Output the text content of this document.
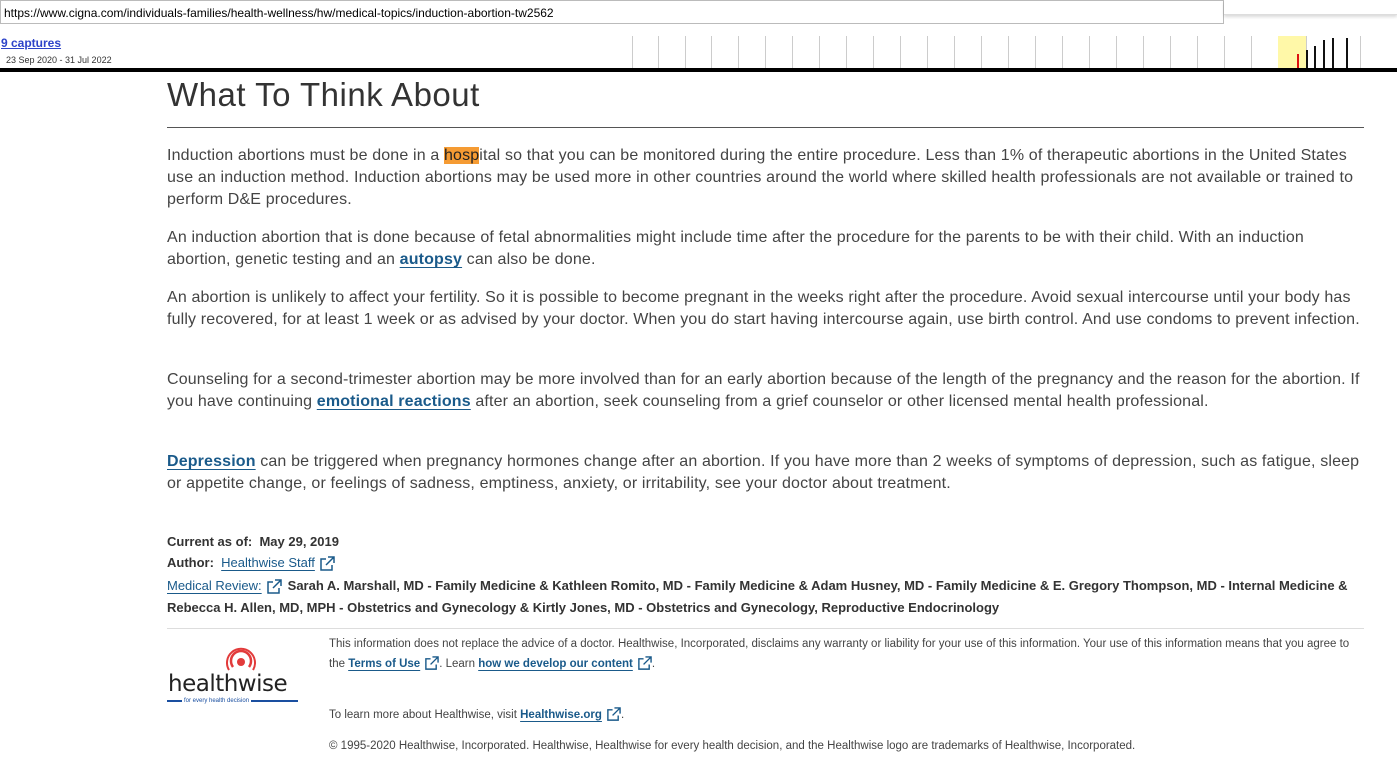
https://www.cigna.com/individuals-families/health-wellness/hw/medical-topics/induction-abortion-tw2562
9 captures
23 Sep 2020 - 31 Jul 2022
What To Think About

Induction abortions must be done in a hospital so that you can be monitored during the entire procedure. Less than 1% of therapeutic abortions in the United States use an induction method. Induction abortions may be used more in other countries around the world where skilled health professionals are not available or trained to perform D&E procedures.

An induction abortion that is done because of fetal abnormalities might include time after the procedure for the parents to be with their child. With an induction abortion, genetic testing and an autopsy can also be done.

An abortion is unlikely to affect your fertility. So it is possible to become pregnant in the weeks right after the procedure. Avoid sexual intercourse until your body has fully recovered, for at least 1 week or as advised by your doctor. When you do start having intercourse again, use birth control. And use condoms to prevent infection.

Counseling for a second-trimester abortion may be more involved than for an early abortion because of the length of the pregnancy and the reason for the abortion. If you have continuing emotional reactions after an abortion, seek counseling from a grief counselor or other licensed mental health professional.

Depression can be triggered when pregnancy hormones change after an abortion. If you have more than 2 weeks of symptoms of depression, such as fatigue, sleep or appetite change, or feelings of sadness, emptiness, anxiety, or irritability, see your doctor about treatment.

Current as of: May 29, 2019
Author: Healthwise Staff
Medical Review: Sarah A. Marshall, MD - Family Medicine & Kathleen Romito, MD - Family Medicine & Adam Husney, MD - Family Medicine & E. Gregory Thompson, MD - Internal Medicine & Rebecca H. Allen, MD, MPH - Obstetrics and Gynecology & Kirtly Jones, MD - Obstetrics and Gynecology, Reproductive Endocrinology
healthwise
for every health decision
This information does not replace the advice of a doctor. Healthwise, Incorporated, disclaims any warranty or liability for your use of this information. Your use of this information means that you agree to the Terms of Use . Learn how we develop our content .
To learn more about Healthwise, visit Healthwise.org .
© 1995-2020 Healthwise, Incorporated. Healthwise, Healthwise for every health decision, and the Healthwise logo are trademarks of Healthwise, Incorporated.
